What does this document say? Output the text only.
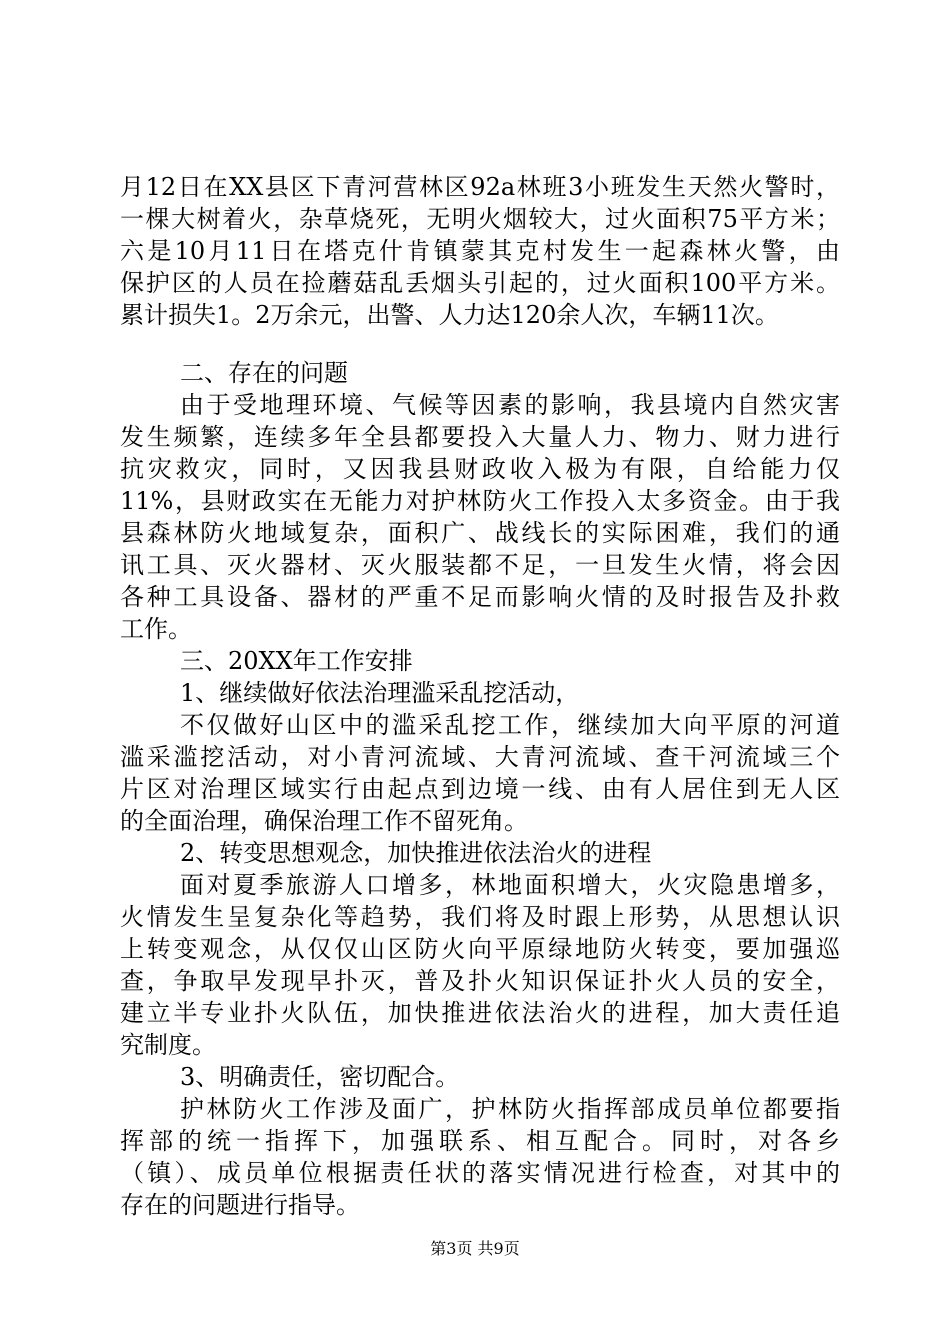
月12日在XX县区下青河营林区92a林班3小班发生天然火警时，
一棵大树着火，杂草烧死，无明火烟较大，过火面积75平方米；
六是10月11日在塔克什肯镇蒙其克村发生一起森林火警，由
保护区的人员在捡蘑菇乱丢烟头引起的，过火面积100平方米。
累计损失1。2万余元，出警、人力达120余人次，车辆11次。
二、存在的问题
由于受地理环境、气候等因素的影响，我县境内自然灾害
发生频繁，连续多年全县都要投入大量人力、物力、财力进行
抗灾救灾，同时，又因我县财政收入极为有限，自给能力仅
11%，县财政实在无能力对护林防火工作投入太多资金。由于我
县森林防火地域复杂，面积广、战线长的实际困难，我们的通
讯工具、灭火器材、灭火服装都不足，一旦发生火情，将会因
各种工具设备、器材的严重不足而影响火情的及时报告及扑救
工作。
三、20XX年工作安排
1、继续做好依法治理滥采乱挖活动，
不仅做好山区中的滥采乱挖工作，继续加大向平原的河道
滥采滥挖活动，对小青河流域、大青河流域、查干河流域三个
片区对治理区域实行由起点到边境一线、由有人居住到无人区
的全面治理，确保治理工作不留死角。
2、转变思想观念，加快推进依法治火的进程
面对夏季旅游人口增多，林地面积增大，火灾隐患增多，
火情发生呈复杂化等趋势，我们将及时跟上形势，从思想认识
上转变观念，从仅仅山区防火向平原绿地防火转变，要加强巡
查，争取早发现早扑灭，普及扑火知识保证扑火人员的安全，
建立半专业扑火队伍，加快推进依法治火的进程，加大责任追
究制度。
3、明确责任，密切配合。
护林防火工作涉及面广，护林防火指挥部成员单位都要指
挥部的统一指挥下，加强联系、相互配合。同时，对各乡
（镇）、成员单位根据责任状的落实情况进行检查，对其中的
存在的问题进行指导。
第3页 共9页
